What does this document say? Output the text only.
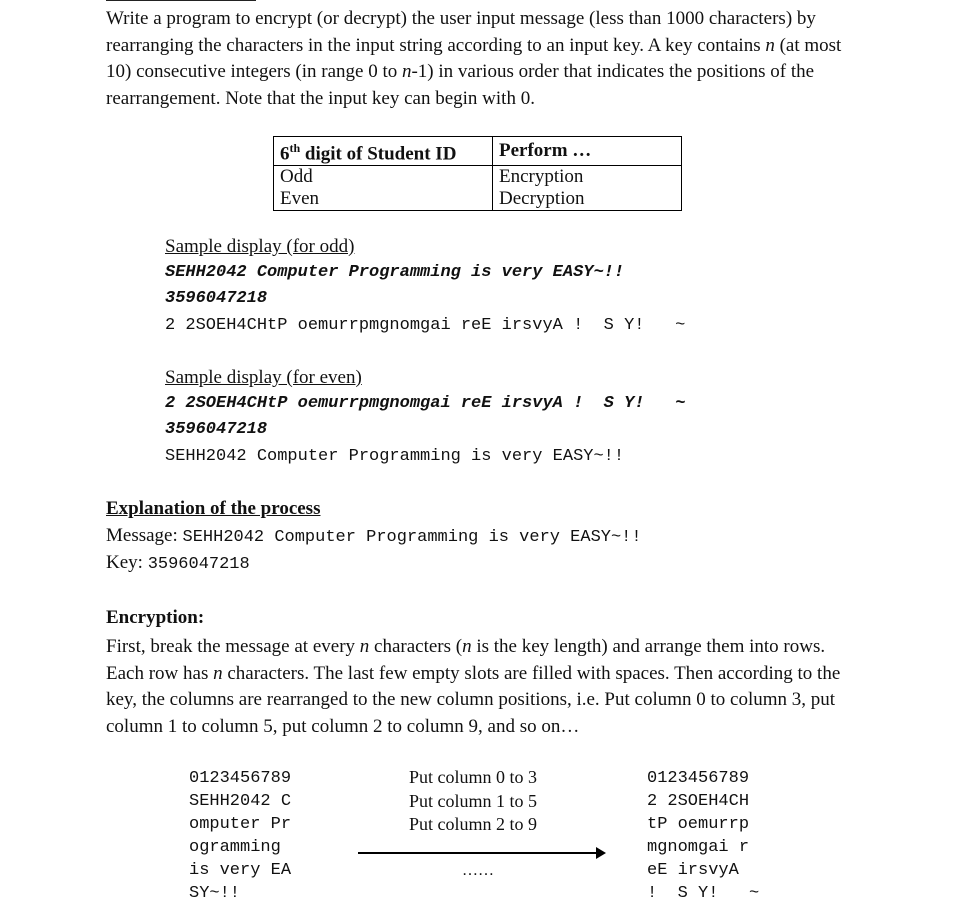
Write a program to encrypt (or decrypt) the user input message (less than 1000 characters) by rearranging the characters in the input string according to an input key. A key contains n (at most 10) consecutive integers (in range 0 to n-1) in various order that indicates the positions of the rearrangement. Note that the input key can begin with 0.
6th digit of Student ID	Perform …
Odd	Encryption
Even	Decryption
Sample display (for odd)
SEHH2042 Computer Programming is very EASY~!!
3596047218
2 2SOEH4CHtP oemurrpmgnomgai reE irsvyA !  S Y!   ~
Sample display (for even)
2 2SOEH4CHtP oemurrpmgnomgai reE irsvyA !  S Y!   ~
3596047218
SEHH2042 Computer Programming is very EASY~!!
Explanation of the process
Message: SEHH2042 Computer Programming is very EASY~!!
Key: 3596047218
Encryption:
First, break the message at every n characters (n is the key length) and arrange them into rows. Each row has n characters. The last few empty slots are filled with spaces. Then according to the key, the columns are rearranged to the new column positions, i.e. Put column 0 to column 3, put column 1 to column 5, put column 2 to column 9, and so on…
0123456789
SEHH2042 C
omputer Pr
ogramming
is very EA
SY~!!
Put column 0 to 3
Put column 1 to 5
Put column 2 to 9
……
0123456789
2 2SOEH4CH
tP oemurrp
mgnomgai r
eE irsvyA
!  S Y!   ~
